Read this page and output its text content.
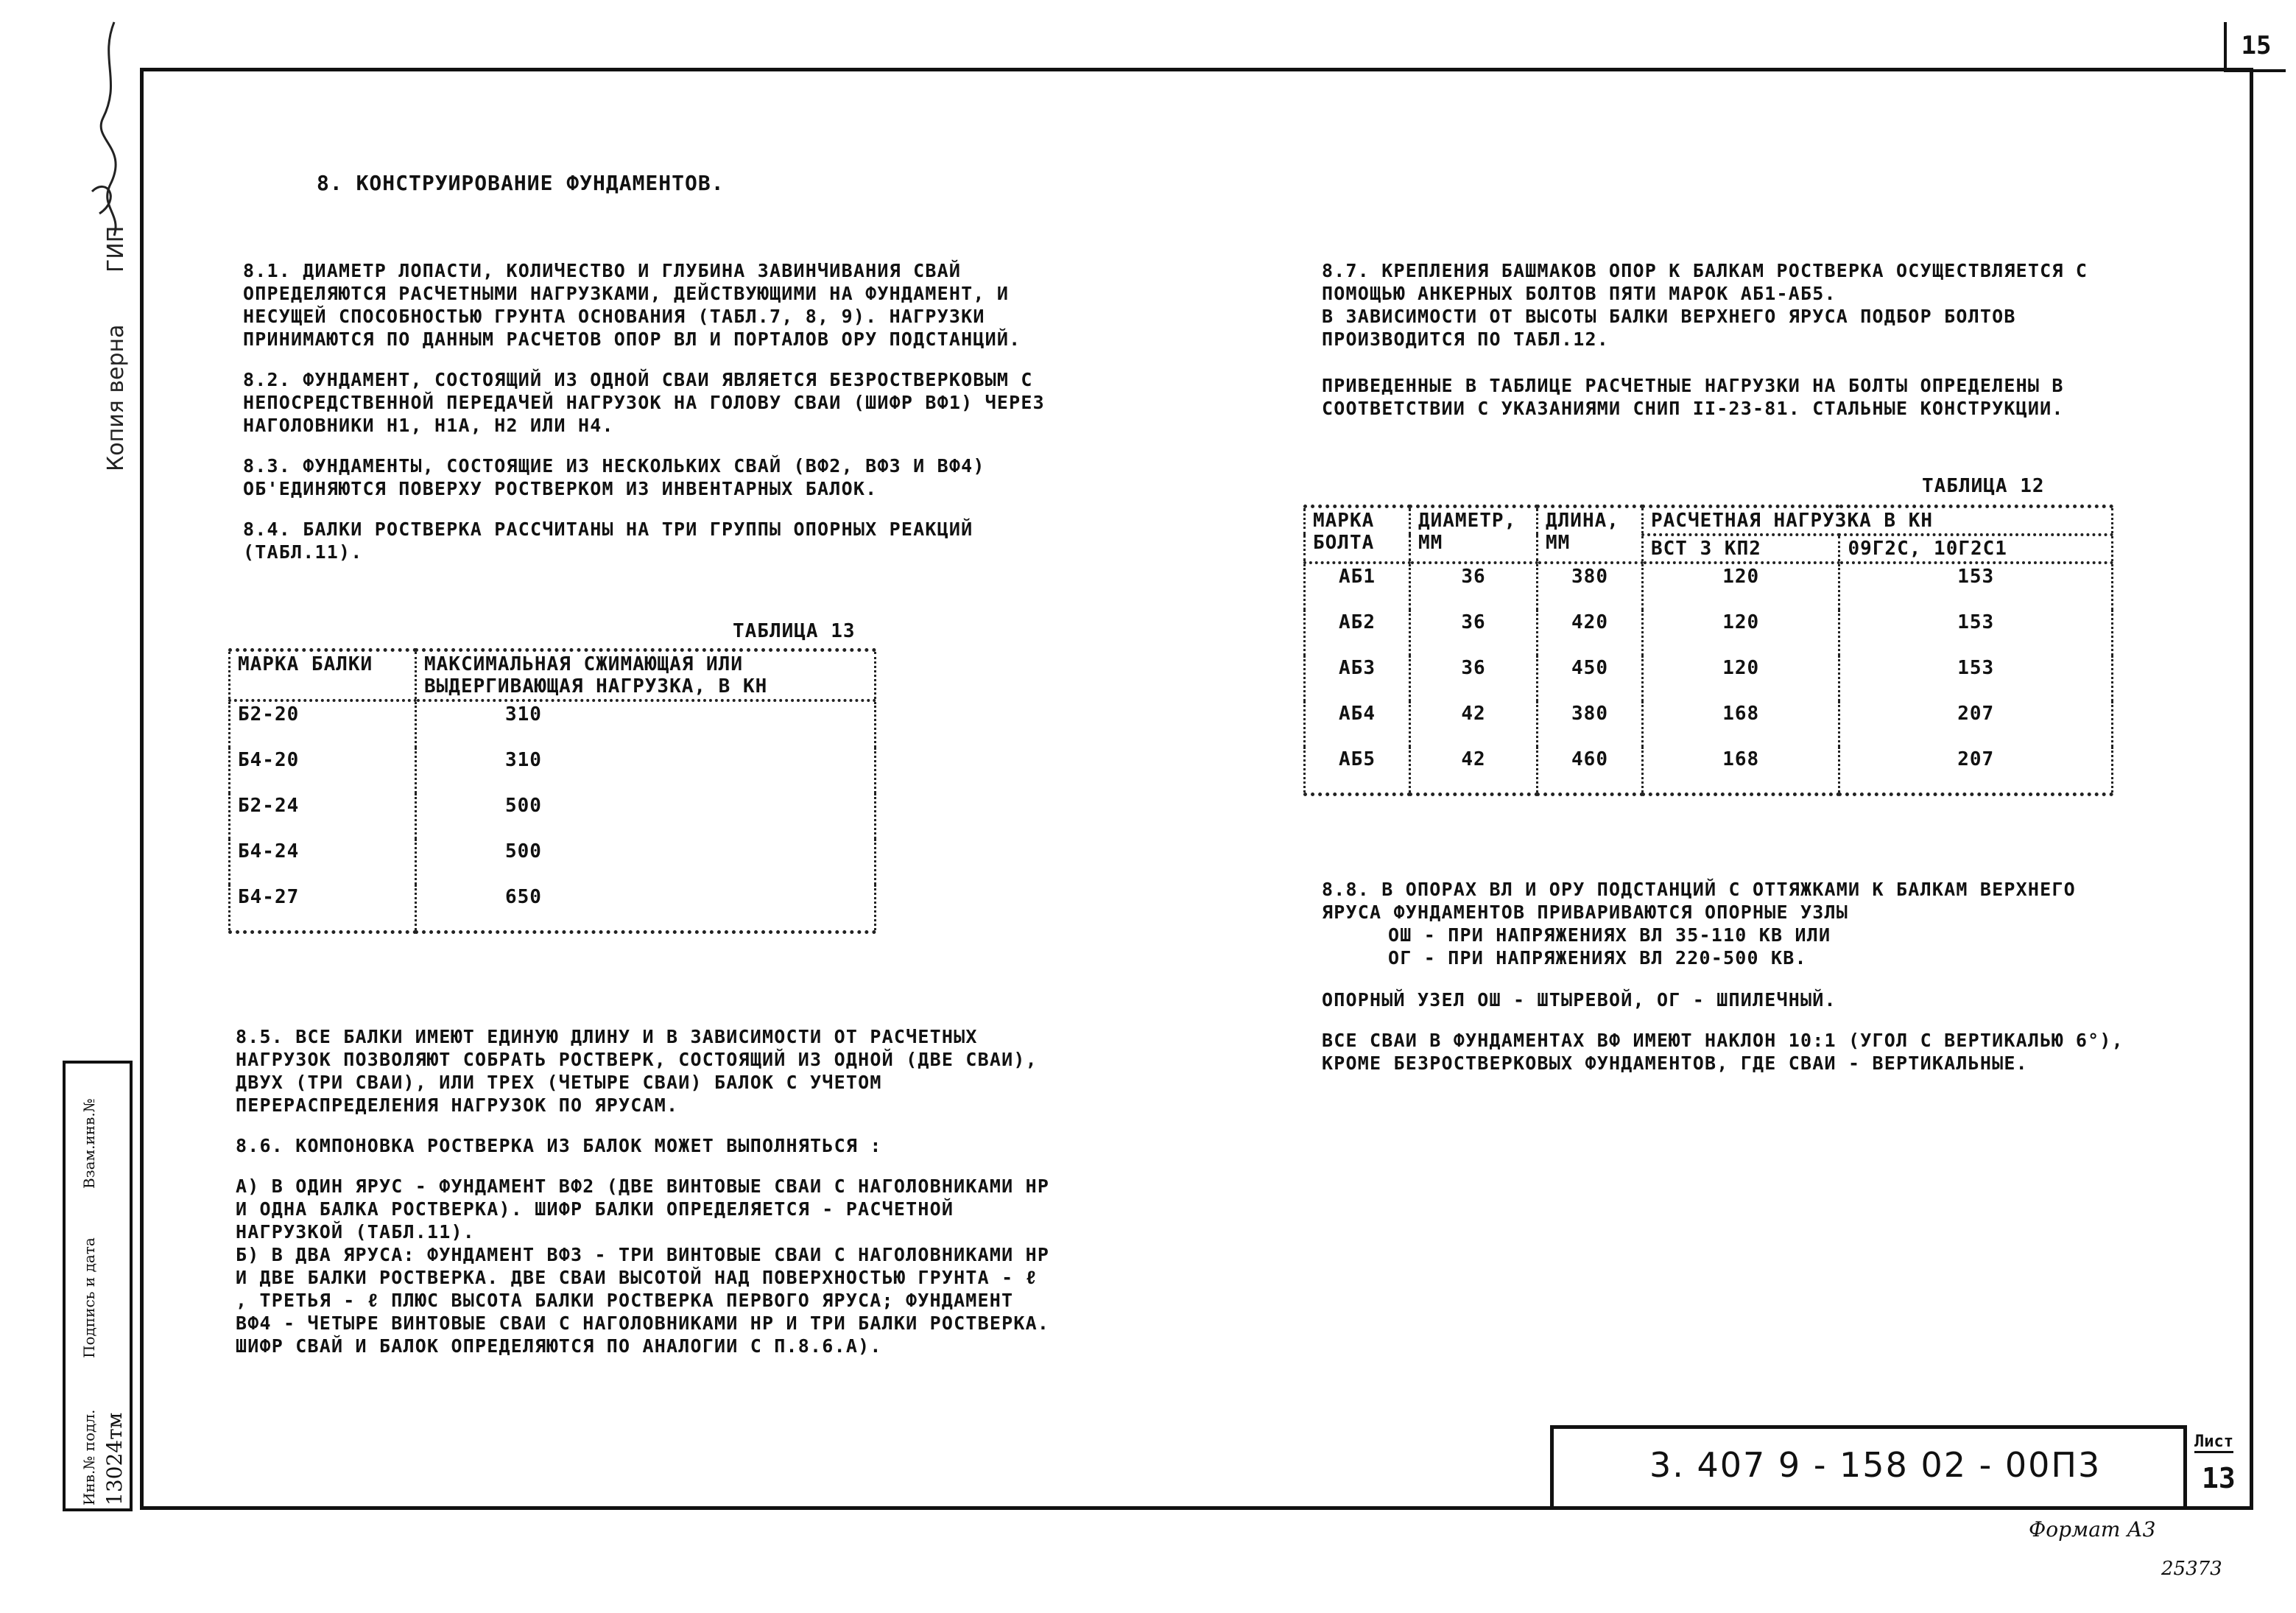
15
Копия верна
ГИП
Инв.№ подл. 13024тм
Подпись и дата
Взам.инв.№
8. КОНСТРУИРОВАНИЕ ФУНДАМЕНТОВ.

8.1. ДИАМЕТР ЛОПАСТИ, КОЛИЧЕСТВО И ГЛУБИНА ЗАВИНЧИВАНИЯ СВАЙ ОПРЕДЕЛЯЮТСЯ РАСЧЕТНЫМИ НАГРУЗКАМИ, ДЕЙСТВУЮЩИМИ НА ФУНДАМЕНТ, И НЕСУЩЕЙ СПОСОБНОСТЬЮ ГРУНТА ОСНОВАНИЯ (ТАБЛ.7, 8, 9). НАГРУЗКИ ПРИНИМАЮТСЯ ПО ДАННЫМ РАСЧЕТОВ ОПОР ВЛ И ПОРТАЛОВ ОРУ ПОДСТАНЦИЙ.

8.2. ФУНДАМЕНТ, СОСТОЯЩИЙ ИЗ ОДНОЙ СВАИ ЯВЛЯЕТСЯ БЕЗРОСТВЕРКОВЫМ С НЕПОСРЕДСТВЕННОЙ ПЕРЕДАЧЕЙ НАГРУЗОК НА ГОЛОВУ СВАИ (ШИФР ВФ1) ЧЕРЕЗ НАГОЛОВНИКИ Н1, Н1А, Н2 ИЛИ Н4.

8.3. ФУНДАМЕНТЫ, СОСТОЯЩИЕ ИЗ НЕСКОЛЬКИХ СВАЙ (ВФ2, ВФ3 И ВФ4) ОБ'ЕДИНЯЮТСЯ ПОВЕРХУ РОСТВЕРКОМ ИЗ ИНВЕНТАРНЫХ БАЛОК.

8.4. БАЛКИ РОСТВЕРКА РАССЧИТАНЫ НА ТРИ ГРУППЫ ОПОРНЫХ РЕАКЦИЙ (ТАБЛ.11).

ТАБЛИЦА 13
МАРКА БАЛКИ	МАКСИМАЛЬНАЯ СЖИМАЮЩАЯ ИЛИ ВЫДЕРГИВАЮЩАЯ НАГРУЗКА, В КН
Б2-20	310
Б4-20	310
Б2-24	500
Б4-24	500
Б4-27	650

8.5. ВСЕ БАЛКИ ИМЕЮТ ЕДИНУЮ ДЛИНУ И В ЗАВИСИМОСТИ ОТ РАСЧЕТНЫХ НАГРУЗОК ПОЗВОЛЯЮТ СОБРАТЬ РОСТВЕРК, СОСТОЯЩИЙ ИЗ ОДНОЙ (ДВЕ СВАИ), ДВУХ (ТРИ СВАИ), ИЛИ ТРЕХ (ЧЕТЫРЕ СВАИ) БАЛОК С УЧЕТОМ ПЕРЕРАСПРЕДЕЛЕНИЯ НАГРУЗОК ПО ЯРУСАМ.

8.6. КОМПОНОВКА РОСТВЕРКА ИЗ БАЛОК МОЖЕТ ВЫПОЛНЯТЬСЯ :

А) В ОДИН ЯРУС - ФУНДАМЕНТ ВФ2 (ДВЕ ВИНТОВЫЕ СВАИ С НАГОЛОВНИКАМИ НР И ОДНА БАЛКА РОСТВЕРКА). ШИФР БАЛКИ ОПРЕДЕЛЯЕТСЯ - РАСЧЕТНОЙ НАГРУЗКОЙ (ТАБЛ.11).
Б) В ДВА ЯРУСА: ФУНДАМЕНТ ВФ3 - ТРИ ВИНТОВЫЕ СВАИ С НАГОЛОВНИКАМИ НР И ДВЕ БАЛКИ РОСТВЕРКА. ДВЕ СВАИ ВЫСОТОЙ НАД ПОВЕРХНОСТЬЮ ГРУНТА - ℓ , ТРЕТЬЯ - ℓ ПЛЮС ВЫСОТА БАЛКИ РОСТВЕРКА ПЕРВОГО ЯРУСА; ФУНДАМЕНТ ВФ4 - ЧЕТЫРЕ ВИНТОВЫЕ СВАИ С НАГОЛОВНИКАМИ НР И ТРИ БАЛКИ РОСТВЕРКА. ШИФР СВАЙ И БАЛОК ОПРЕДЕЛЯЮТСЯ ПО АНАЛОГИИ С П.8.6.А).
8.7. КРЕПЛЕНИЯ БАШМАКОВ ОПОР К БАЛКАМ РОСТВЕРКА ОСУЩЕСТВЛЯЕТСЯ С ПОМОЩЬЮ АНКЕРНЫХ БОЛТОВ ПЯТИ МАРОК АБ1-АБ5.
В ЗАВИСИМОСТИ ОТ ВЫСОТЫ БАЛКИ ВЕРХНЕГО ЯРУСА ПОДБОР БОЛТОВ ПРОИЗВОДИТСЯ ПО ТАБЛ.12.

ПРИВЕДЕННЫЕ В ТАБЛИЦЕ РАСЧЕТНЫЕ НАГРУЗКИ НА БОЛТЫ ОПРЕДЕЛЕНЫ В СООТВЕТСТВИИ С УКАЗАНИЯМИ СНИП II-23-81. СТАЛЬНЫЕ КОНСТРУКЦИИ.

ТАБЛИЦА 12
МАРКА БОЛТА	ДИАМЕТР, ММ	ДЛИНА, ММ	РАСЧЕТНАЯ НАГРУЗКА В КН	
			ВСТ 3 КП2	09Г2С, 10Г2С1
АБ1	36	380	120	153
АБ2	36	420	120	153
АБ3	36	450	120	153
АБ4	42	380	168	207
АБ5	42	460	168	207
8.8. В ОПОРАХ ВЛ И ОРУ ПОДСТАНЦИЙ С ОТТЯЖКАМИ К БАЛКАМ ВЕРХНЕГО ЯРУСА ФУНДАМЕНТОВ ПРИВАРИВАЮТСЯ ОПОРНЫЕ УЗЛЫ
ОШ - ПРИ НАПРЯЖЕНИЯХ ВЛ 35-110 КВ ИЛИ
ОГ - ПРИ НАПРЯЖЕНИЯХ ВЛ 220-500 КВ.

ОПОРНЫЙ УЗЕЛ ОШ - ШТЫРЕВОЙ, ОГ - ШПИЛЕЧНЫЙ.

ВСЕ СВАИ В ФУНДАМЕНТАХ ВФ ИМЕЮТ НАКЛОН 10:1 (УГОЛ С ВЕРТИКАЛЬЮ 6°), КРОМЕ БЕЗРОСТВЕРКОВЫХ ФУНДАМЕНТОВ, ГДЕ СВАИ - ВЕРТИКАЛЬНЫЕ.

3. 407 9 - 158 02 - 00П3
Лист
13
Формат А3
25373
